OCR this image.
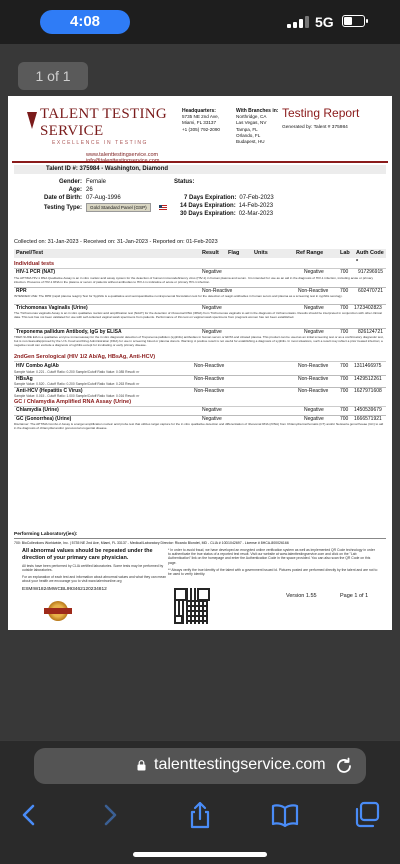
4:08	5G
1 of 1
TALENT TESTING SERVICE
EXCELLENCE IN TESTING
www.talenttestingservice.com
Headquarters:
5735 NE 2nd Ave,
Miami, FL 33137
+1 (305) 792-2090
With Branches in:
Northridge, CA
Las Vegas, NV
Tampa, FL
Orlando, FL
Budapest, HU
Testing Report
Generated by: Talent # 375984
Talent ID #: 375984 - Washington, Diamond
Gender: Female
Age: 26
Date of Birth: 07-Aug-1996
Testing Type: Gold Standard Panel (GSP)
Status:
7 Days Expiration: 07-Feb-2023
14 Days Expiration: 14-Feb-2023
30 Days Expiration: 02-Mar-2023
Collected on: 31-Jan-2023 - Received on: 31-Jan-2023 - Reported on: 01-Feb-2023
Panel/Test	Result Flag	Units	Ref Range	Lab Auth Code *
Individual tests
HIV-1 PCR (NAT)	Negative	Negative	700 917296915
The APTIMA HIV-1 RNA Qualitative Assay is an in vitro nucleic acid assay system for the detection of human immunodeficiency virus (HIV-1) in human plasma and serum. It is intended for use as an aid in the diagnosis of HIV-1 infection, including acute or primary infection. Presence of HIV-1 RNA in the plasma or serum of patients without antibodies to HIV-1 is indicative of acute or primary HIV-1 infection.
RPR	Non-Reactive	Non-Reactive 700 602470721
INTENDED USE: The RPR (rapid plasma reagin) Test for Syphilis is a qualitative and semiquantitative nontreponemal flocculation test for the detection of reagin antibodies in human serum and plasma as a screening test in syphilis serology.
Trichomonas Vaginalis (Urine)	Negative	Negative	700 1723402823
The Trichomonas vaginalis Assay is an in vitro qualitative nucleic acid amplification test (NAAT) for the detection of ribosomal RNA (rRNA) from Trichomonas vaginalis to aid in the diagnosis of trichomoniasis. Results should be interpreted in conjunction with other clinical data. This test has not been validated for use with self-collected vaginal swab specimens from patients. Performance of this test on vaginal swab specimens from pregnant women has not been established.
Treponema pallidum Antibody, IgG by ELISA	Negative	Negative	700 826124721
TREP-SURE EIA is a qualitative enzyme immunoassay for the in vitro diagnostic detection of Treponema pallidum (syphilis) antibodies in human serum or EDTA and citrated plasma. This product can be used as an initial screening test or as a confirmatory diagnostic test, but is not cleared/approved by the U.S. Food and Drug Administration (FDA) for use in screening blood or plasma donors. Warning: A positive result is not useful for establishing a diagnosis of syphilis. In most situations, such a result may reflect a prior treated infection; a negative result can exclude a diagnosis of syphilis except for incubating or early primary disease.
2ndGen Serological (HIV 1/2 Ab/Ag, HBsAg, Anti-HCV)
HIV Combo Ag/Ab	Non-Reactive	Non-Reactive 700 1311466975
Sample Value: 0.221 - Cutoff Ratio: 0.200 Sample/Cutoff Ratio Value: 0.085 Result: nr
HBsAg	Non-Reactive	Non-Reactive 700 1429512261
Sample Value: 0.520 - Cutoff Ratio: 0.200 Sample/Cutoff Ratio Value: 0.263 Result: nr
Anti-HCV (Hepatitis C Virus)	Non-Reactive	Non-Reactive 700 1627971608
Sample Value: 0.015 - Cutoff Ratio: 1.000 Sample/Cutoff Ratio Value: 0.016 Result: nr
GC / Chlamydia Amplified RNA Assay (Urine)
Chlamydia (Urine)	Negative	Negative	700 1450539679
GC (Gonorrhea) (Urine)	Negative	Negative	700 1666571921
Disclaimer: The APTIMA Combo 2 Assay is a target amplification nucleic acid probe test that utilizes target capture for the in vitro qualitative detection and differentiation of ribosomal RNA (rRNA) from Chlamydia trachomatis (CT) and/or Neisseria gonorrhoeae (GC) to aid in the diagnosis of chlamydial and/or gonococcal urogenital disease.
Performing Laboratory(ies):
700: BioCollections Worldwide, Inc. | 5735 NE 2nd Ave, Miami, FL 33137 - Medical/Laboratory Director: Ricardo Blondet, MD - CLIA # 10D1042697 - License # 8HCA-800026166
All abnormal values should be repeated under the direction of your primary care physician.
All tests have been performed by CLIA certified laboratories. Some tests may be performed by outside laboratories.
For an explanation of each test and information about abnormal values and what they can mean about your health we encourage you to visit www.talentnonline.org
ESMIW1824MWCBL993462120234812
* In order to avoid fraud, we have developed an encrypted online verification system as well as implemented QR Code technology in order to authenticate the true status of a reported test result. Visit our website at www.talenttestingservice.com and click on the "Lab Authentication" link on the homepage and enter the Authentication Code in the space provided. You can also scan the QR Code on this page.
** Always verify the true identity of the talent with a government issued id. Pictures posted are performed directly by the talent and are not to be used to verify identity.
Version 1.55	Page 1 of 1
talenttestingservice.com
